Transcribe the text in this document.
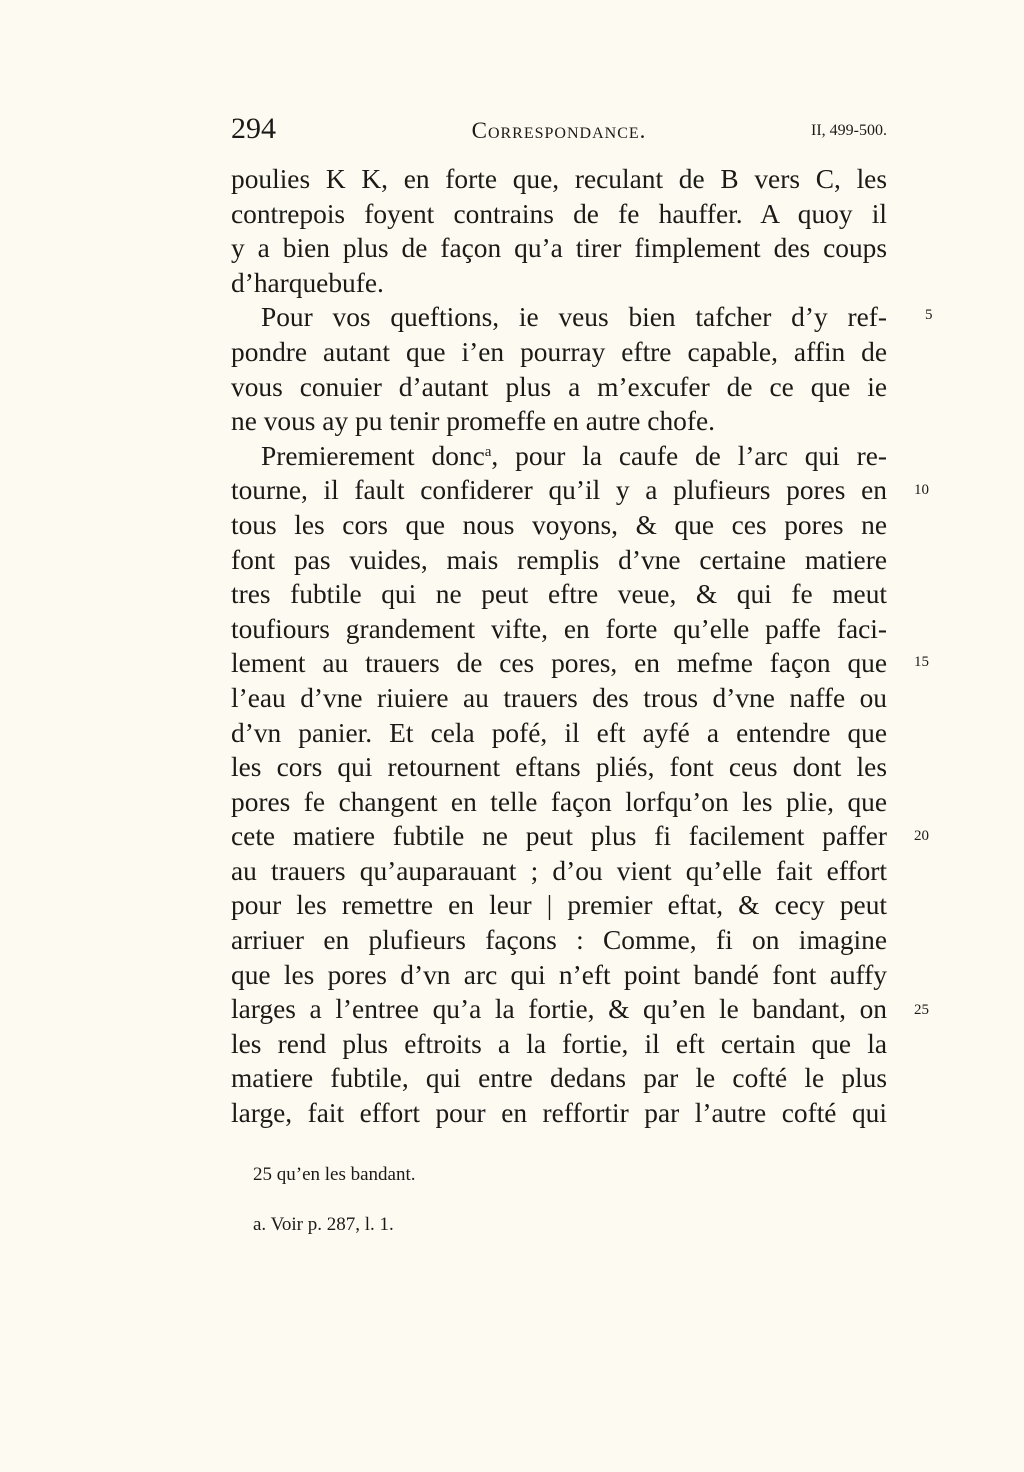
294	Correspondance.	II, 499-500.
poulies K K, en forte que, reculant de B vers C, les
contrepois foyent contrains de fe hauffer. A quoy il
y a bien plus de façon qu’a tirer fimplement des coups
d’harquebufe.
Pour vos queftions, ie veus bien tafcher d’y ref-
pondre autant que i’en pourray eftre capable, affin de
vous conuier d’autant plus a m’excufer de ce que ie
ne vous ay pu tenir promeffe en autre chofe.
Premierement donc$^a$, pour la caufe de l’arc qui re-
tourne, il fault confiderer qu’il y a plufieurs pores en
tous les cors que nous voyons, & que ces pores ne
font pas vuides, mais remplis d’vne certaine matiere
tres fubtile qui ne peut eftre veue, & qui fe meut
toufiours grandement vifte, en forte qu’elle paffe faci-
lement au trauers de ces pores, en mefme façon que
l’eau d’vne riuiere au trauers des trous d’vne naffe ou
d’vn panier. Et cela pofé, il eft ayfé a entendre que
les cors qui retournent eftans pliés, font ceus dont les
pores fe changent en telle façon lorfqu’on les plie, que
cete matiere fubtile ne peut plus fi facilement paffer
au trauers qu’auparauant ; d’ou vient qu’elle fait effort
pour les remettre en leur | premier eftat, & cecy peut
arriuer en plufieurs façons : Comme, fi on imagine
que les pores d’vn arc qui n’eft point bandé font auffy
larges a l’entree qu’a la fortie, & qu’en le bandant, on
les rend plus eftroits a la fortie, il eft certain que la
matiere fubtile, qui entre dedans par le cofté le plus
large, fait effort pour en reffortir par l’autre cofté qui
5
10
15
20
25
25 qu’en les bandant.
a. Voir p. 287, l. 1.
